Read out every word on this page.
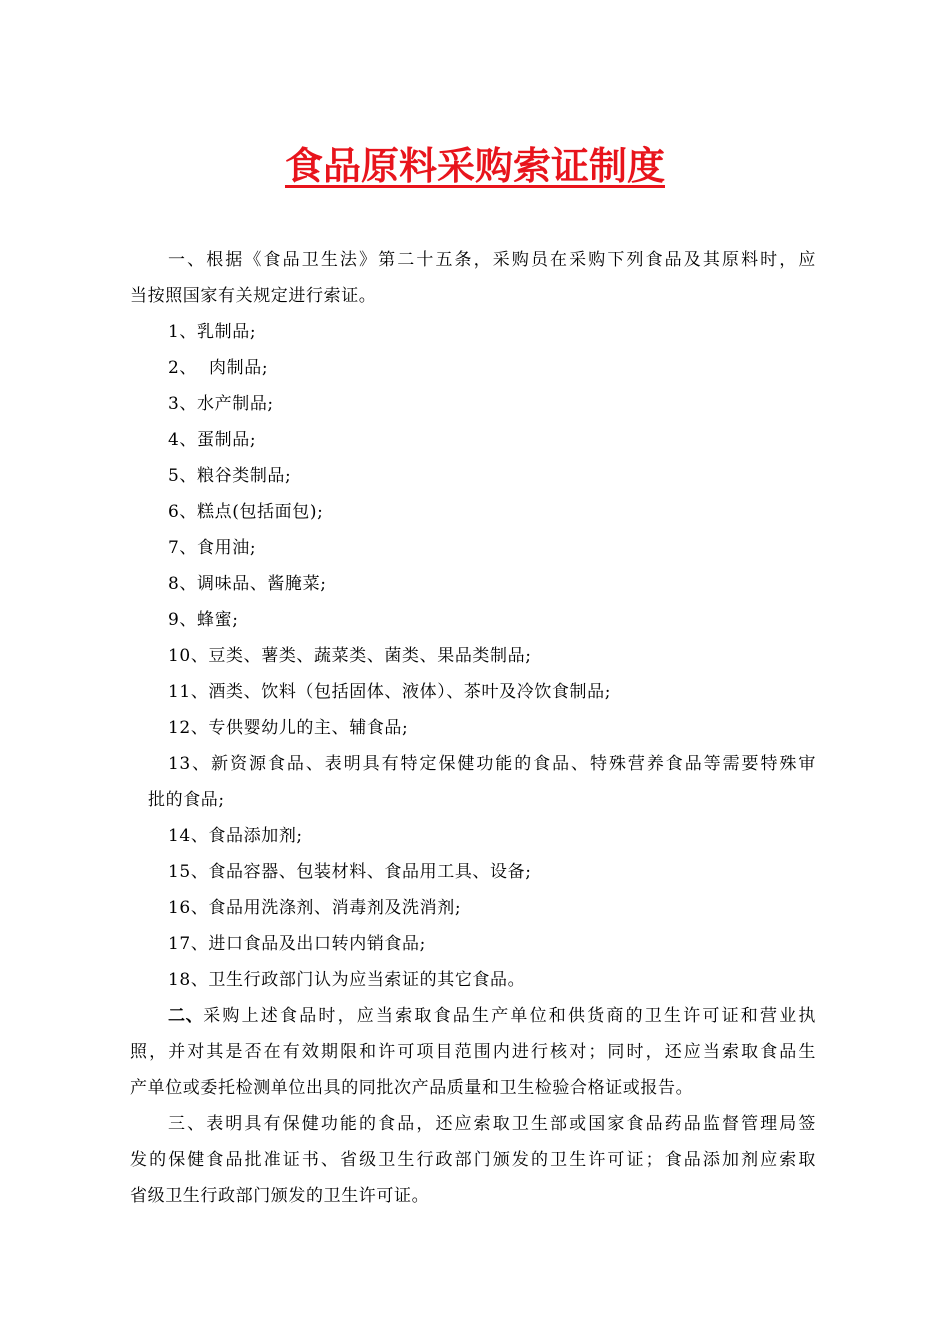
食品原料采购索证制度
一、根据《食品卫生法》第二十五条，采购员在采购下列食品及其原料时，应
当按照国家有关规定进行索证。
1、乳制品;
2、  肉制品;
3、水产制品;
4、蛋制品;
5、粮谷类制品;
6、糕点(包括面包);
7、食用油;
8、调味品、酱腌菜;
9、蜂蜜;
10、豆类、薯类、蔬菜类、菌类、果品类制品;
11、酒类、饮料（包括固体、液体）、茶叶及冷饮食制品;
12、专供婴幼儿的主、辅食品;
13、新资源食品、表明具有特定保健功能的食品、特殊营养食品等需要特殊审
批的食品;
14、食品添加剂;
15、食品容器、包装材料、食品用工具、设备;
16、食品用洗涤剂、消毒剂及洗消剂;
17、进口食品及出口转内销食品;
18、卫生行政部门认为应当索证的其它食品。
二、 采购上述食品时，应当索取食品生产单位和供货商的卫生许可证和营业执
照，并对其是否在有效期限和许可项目范围内进行核对；同时，还应当索取食品生
产单位或委托检测单位出具的同批次产品质量和卫生检验合格证或报告。
三、表明具有保健功能的食品，还应索取卫生部或国家食品药品监督管理局签
发的保健食品批准证书、省级卫生行政部门颁发的卫生许可证；食品添加剂应索取
省级卫生行政部门颁发的卫生许可证。
